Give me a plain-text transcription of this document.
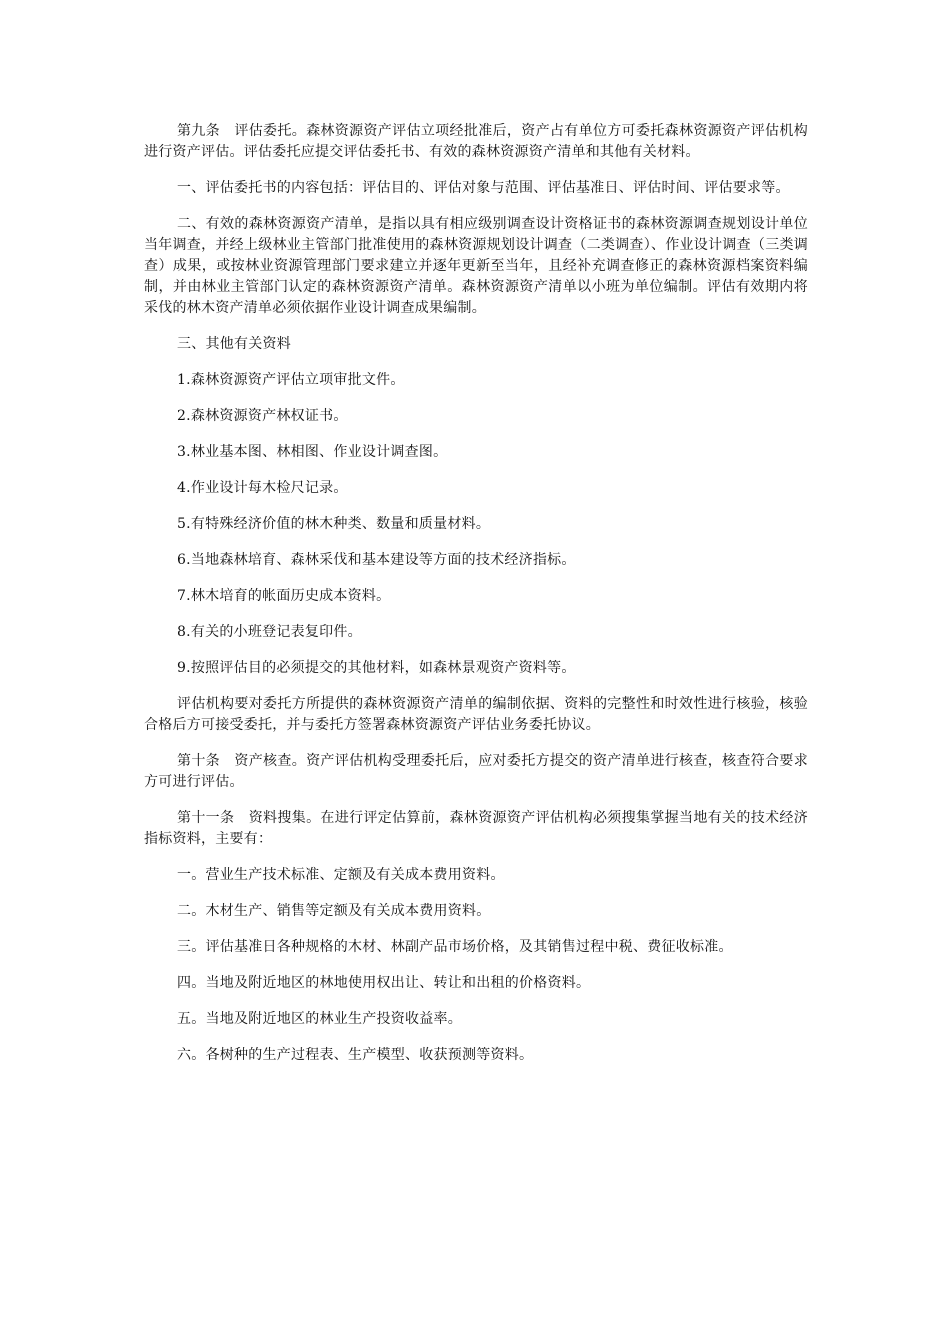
第九条　评估委托。森林资源资产评估立项经批准后，资产占有单位方可委托森林资源资产评估机构进行资产评估。评估委托应提交评估委托书、有效的森林资源资产清单和其他有关材料。

一、评估委托书的内容包括：评估目的、评估对象与范围、评估基准日、评估时间、评估要求等。

二、有效的森林资源资产清单，是指以具有相应级别调查设计资格证书的森林资源调查规划设计单位当年调查，并经上级林业主管部门批准使用的森林资源规划设计调查（二类调查）、作业设计调查（三类调查）成果，或按林业资源管理部门要求建立并逐年更新至当年，且经补充调查修正的森林资源档案资料编制，并由林业主管部门认定的森林资源资产清单。森林资源资产清单以小班为单位编制。评估有效期内将采伐的林木资产清单必须依据作业设计调查成果编制。

三、其他有关资料

1.森林资源资产评估立项审批文件。

2.森林资源资产林权证书。

3.林业基本图、林相图、作业设计调查图。

4.作业设计每木检尺记录。

5.有特殊经济价值的林木种类、数量和质量材料。

6.当地森林培育、森林采伐和基本建设等方面的技术经济指标。

7.林木培育的帐面历史成本资料。

8.有关的小班登记表复印件。

9.按照评估目的必须提交的其他材料，如森林景观资产资料等。

评估机构要对委托方所提供的森林资源资产清单的编制依据、资料的完整性和时效性进行核验，核验合格后方可接受委托，并与委托方签署森林资源资产评估业务委托协议。

第十条　资产核查。资产评估机构受理委托后，应对委托方提交的资产清单进行核查，核查符合要求方可进行评估。

第十一条　资料搜集。在进行评定估算前，森林资源资产评估机构必须搜集掌握当地有关的技术经济指标资料，主要有：

一。营业生产技术标准、定额及有关成本费用资料。

二。木材生产、销售等定额及有关成本费用资料。

三。评估基准日各种规格的木材、林副产品市场价格，及其销售过程中税、费征收标准。

四。当地及附近地区的林地使用权出让、转让和出租的价格资料。

五。当地及附近地区的林业生产投资收益率。

六。各树种的生产过程表、生产模型、收获预测等资料。
